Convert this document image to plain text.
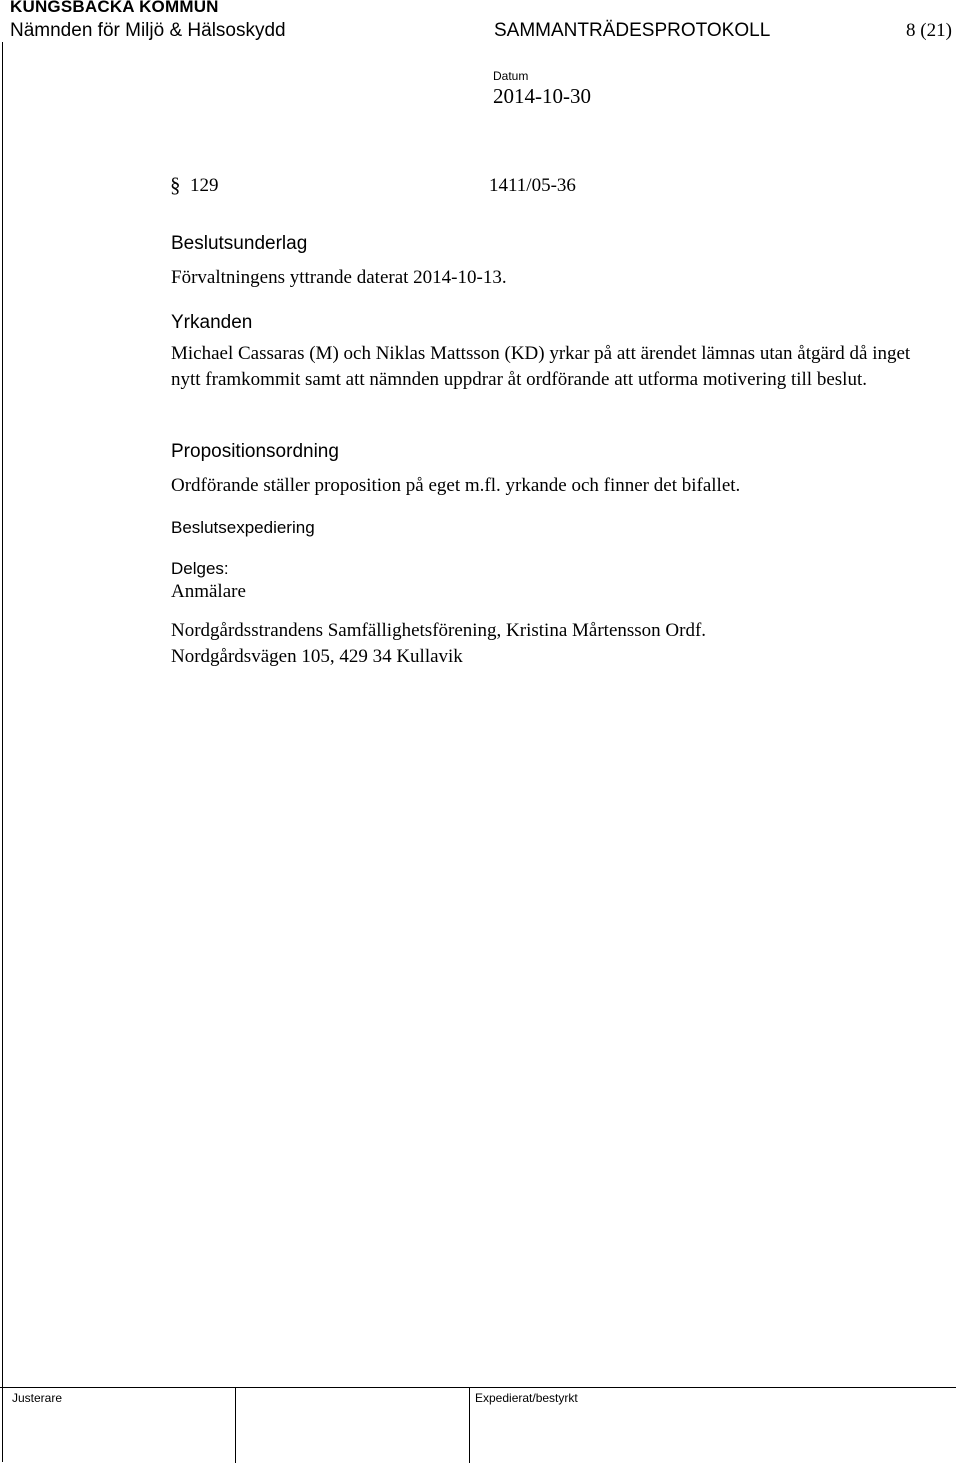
KUNGSBACKA KOMMUN
Nämnden för Miljö & Hälsoskydd	SAMMANTRÄDESPROTOKOLL	8 (21)
Datum
2014-10-30
§ 129	1411/05-36
Beslutsunderlag
Förvaltningens yttrande daterat 2014-10-13.
Yrkanden
Michael Cassaras (M) och Niklas Mattsson (KD) yrkar på att ärendet lämnas utan åtgärd då inget nytt framkommit samt att nämnden uppdrar åt ordförande att utforma motivering till beslut.
Propositionsordning
Ordförande ställer proposition på eget m.fl. yrkande och finner det bifallet.
Beslutsexpediering
Delges:
Anmälare
Nordgårdsstrandens Samfällighetsförening, Kristina Mårtensson Ordf.
Nordgårdsvägen 105, 429 34 Kullavik
Justerare	Expedierat/bestyrkt
